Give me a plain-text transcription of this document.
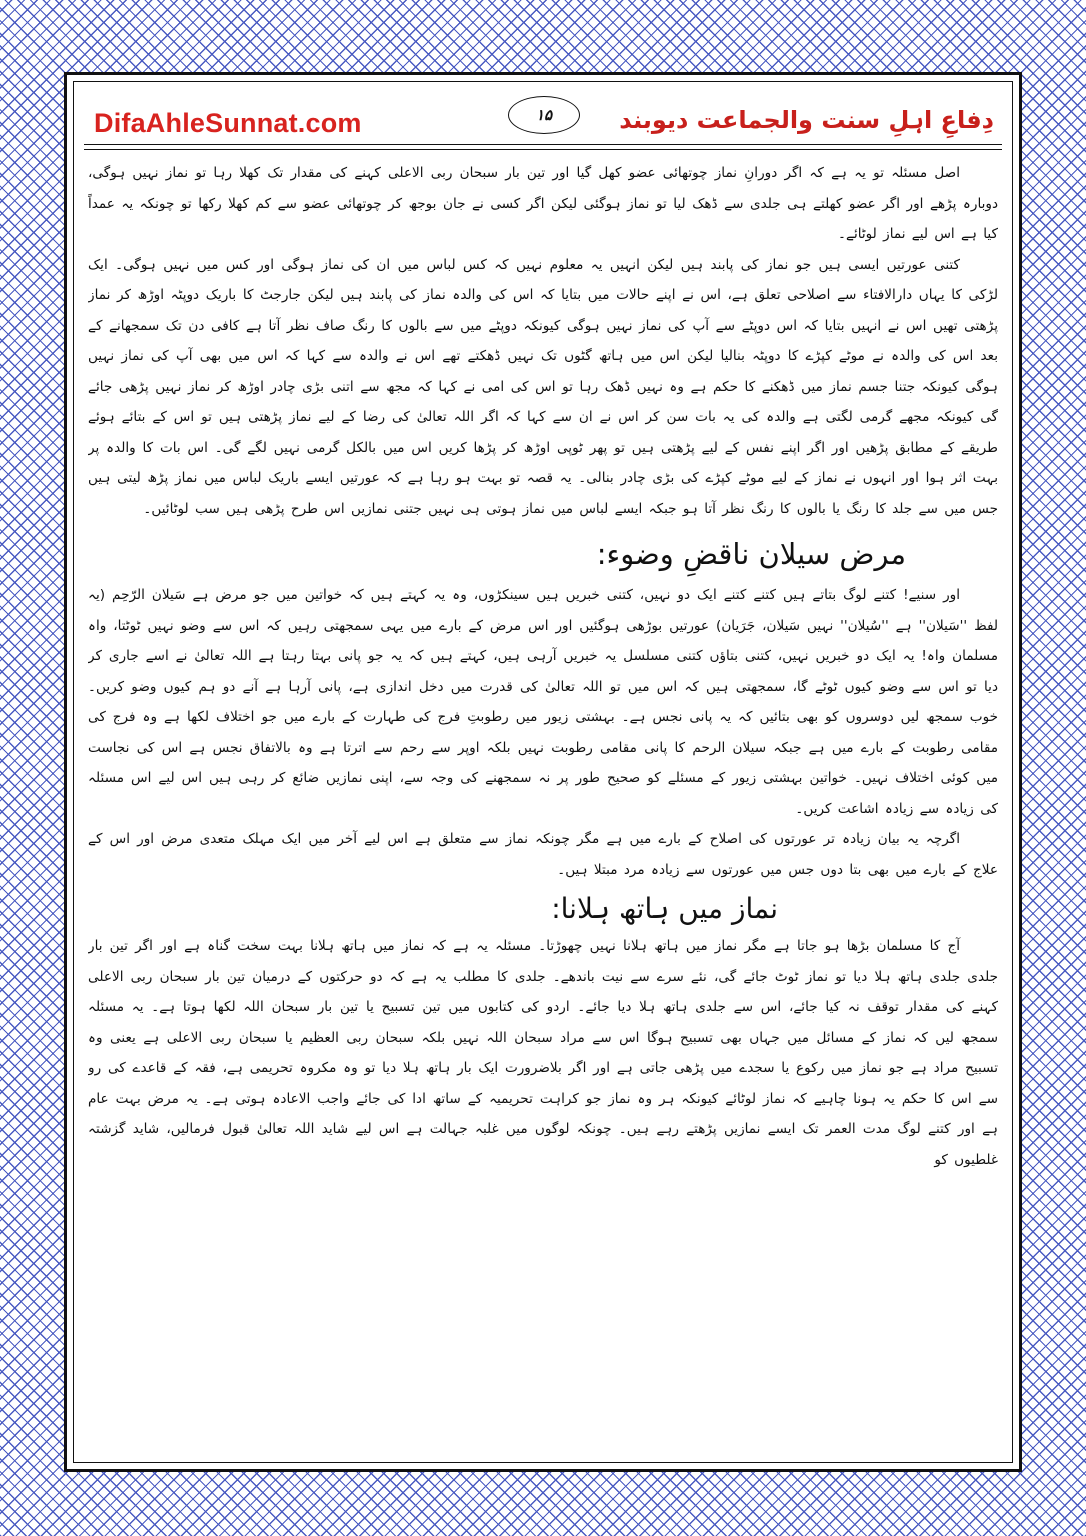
DifaAhleSunnat.com	۱۵	دِفاعِ اہلِ سنت والجماعت دیوبند

اصل مسئلہ تو یہ ہے کہ اگر دورانِ نماز چوتھائی عضو کھل گیا اور تین بار سبحان ربی الاعلی کہنے کی مقدار تک کھلا رہا تو نماز نہیں ہوگی، دوبارہ پڑھے اور اگر عضو کھلتے ہی جلدی سے ڈھک لیا تو نماز ہوگئی لیکن اگر کسی نے جان بوجھ کر چوتھائی عضو سے کم کھلا رکھا تو چونکہ یہ عمداً کیا ہے اس لیے نماز لوٹائے۔

کتنی عورتیں ایسی ہیں جو نماز کی پابند ہیں لیکن انہیں یہ معلوم نہیں کہ کس لباس میں ان کی نماز ہوگی اور کس میں نہیں ہوگی۔ ایک لڑکی کا یہاں دارالافتاء سے اصلاحی تعلق ہے، اس نے اپنے حالات میں بتایا کہ اس کی والدہ نماز کی پابند ہیں لیکن جارجٹ کا باریک دوپٹہ اوڑھ کر نماز پڑھتی تھیں اس نے انہیں بتایا کہ اس دوپٹے سے آپ کی نماز نہیں ہوگی کیونکہ دوپٹے میں سے بالوں کا رنگ صاف نظر آتا ہے کافی دن تک سمجھانے کے بعد اس کی والدہ نے موٹے کپڑے کا دوپٹہ بنالیا لیکن اس میں ہاتھ گٹوں تک نہیں ڈھکتے تھے اس نے والدہ سے کہا کہ اس میں بھی آپ کی نماز نہیں ہوگی کیونکہ جتنا جسم نماز میں ڈھکنے کا حکم ہے وہ نہیں ڈھک رہا تو اس کی امی نے کہا کہ مجھ سے اتنی بڑی چادر اوڑھ کر نماز نہیں پڑھی جائے گی کیونکہ مجھے گرمی لگتی ہے والدہ کی یہ بات سن کر اس نے ان سے کہا کہ اگر اللہ تعالیٰ کی رضا کے لیے نماز پڑھتی ہیں تو اس کے بتائے ہوئے طریقے کے مطابق پڑھیں اور اگر اپنے نفس کے لیے پڑھتی ہیں تو پھر ٹوپی اوڑھ کر پڑھا کریں اس میں بالکل گرمی نہیں لگے گی۔ اس بات کا والدہ پر بہت اثر ہوا اور انہوں نے نماز کے لیے موٹے کپڑے کی بڑی چادر بنالی۔ یہ قصہ تو بہت ہو رہا ہے کہ عورتیں ایسے باریک لباس میں نماز پڑھ لیتی ہیں جس میں سے جلد کا رنگ یا بالوں کا رنگ نظر آتا ہو جبکہ ایسے لباس میں نماز ہوتی ہی نہیں جتنی نمازیں اس طرح پڑھی ہیں سب لوٹائیں۔

مرض سیلان ناقضِ وضوء:

اور سنیے! کتنے لوگ بتاتے ہیں کتنے کتنے ایک دو نہیں، کتنی خبریں ہیں سینکڑوں، وہ یہ کہتے ہیں کہ خواتین میں جو مرض ہے سَیلان الرّحِم (یہ لفظ ''سَیلان'' ہے ''سُیلان'' نہیں سَیلان، جَرَیان) عورتیں بوڑھی ہوگئیں اور اس مرض کے بارے میں یہی سمجھتی رہیں کہ اس سے وضو نہیں ٹوٹتا، واہ مسلمان واہ! یہ ایک دو خبریں نہیں، کتنی بتاؤں کتنی مسلسل یہ خبریں آرہی ہیں، کہتے ہیں کہ یہ جو پانی بہتا رہتا ہے اللہ تعالیٰ نے اسے جاری کر دیا تو اس سے وضو کیوں ٹوٹے گا، سمجھتی ہیں کہ اس میں تو اللہ تعالیٰ کی قدرت میں دخل اندازی ہے، پانی آرہا ہے آنے دو ہم کیوں وضو کریں۔ خوب سمجھ لیں دوسروں کو بھی بتائیں کہ یہ پانی نجس ہے۔ بہشتی زیور میں رطوبتِ فرج کی طہارت کے بارے میں جو اختلاف لکھا ہے وہ فرج کی مقامی رطوبت کے بارے میں ہے جبکہ سیلان الرحم کا پانی مقامی رطوبت نہیں بلکہ اوپر سے رحم سے اترتا ہے وہ بالاتفاق نجس ہے اس کی نجاست میں کوئی اختلاف نہیں۔ خواتین بہشتی زیور کے مسئلے کو صحیح طور پر نہ سمجھنے کی وجہ سے، اپنی نمازیں ضائع کر رہی ہیں اس لیے اس مسئلہ کی زیادہ سے زیادہ اشاعت کریں۔

اگرچہ یہ بیان زیادہ تر عورتوں کی اصلاح کے بارے میں ہے مگر چونکہ نماز سے متعلق ہے اس لیے آخر میں ایک مہلک متعدی مرض اور اس کے علاج کے بارے میں بھی بتا دوں جس میں عورتوں سے زیادہ مرد مبتلا ہیں۔

نماز میں ہاتھ ہلانا:

آج کا مسلمان بڑھا ہو جاتا ہے مگر نماز میں ہاتھ ہلانا نہیں چھوڑتا۔ مسئلہ یہ ہے کہ نماز میں ہاتھ ہلانا بہت سخت گناہ ہے اور اگر تین بار جلدی جلدی ہاتھ ہلا دیا تو نماز ٹوٹ جائے گی، نئے سرے سے نیت باندھے۔ جلدی کا مطلب یہ ہے کہ دو حرکتوں کے درمیان تین بار سبحان ربی الاعلی کہنے کی مقدار توقف نہ کیا جائے، اس سے جلدی ہاتھ ہلا دیا جائے۔ اردو کی کتابوں میں تین تسبیح یا تین بار سبحان اللہ لکھا ہوتا ہے۔ یہ مسئلہ سمجھ لیں کہ نماز کے مسائل میں جہاں بھی تسبیح ہوگا اس سے مراد سبحان اللہ نہیں بلکہ سبحان ربی العظیم یا سبحان ربی الاعلی ہے یعنی وہ تسبیح مراد ہے جو نماز میں رکوع یا سجدے میں پڑھی جاتی ہے اور اگر بلاضرورت ایک بار ہاتھ ہلا دیا تو وہ مکروہ تحریمی ہے، فقہ کے قاعدے کی رو سے اس کا حکم یہ ہونا چاہیے کہ نماز لوٹائے کیونکہ ہر وہ نماز جو کراہت تحریمیہ کے ساتھ ادا کی جائے واجب الاعادہ ہوتی ہے۔ یہ مرض بہت عام ہے اور کتنے لوگ مدت العمر تک ایسے نمازیں پڑھتے رہے ہیں۔ چونکہ لوگوں میں غلبہ جہالت ہے اس لیے شاید اللہ تعالیٰ قبول فرمالیں، شاید گزشتہ غلطیوں کو
